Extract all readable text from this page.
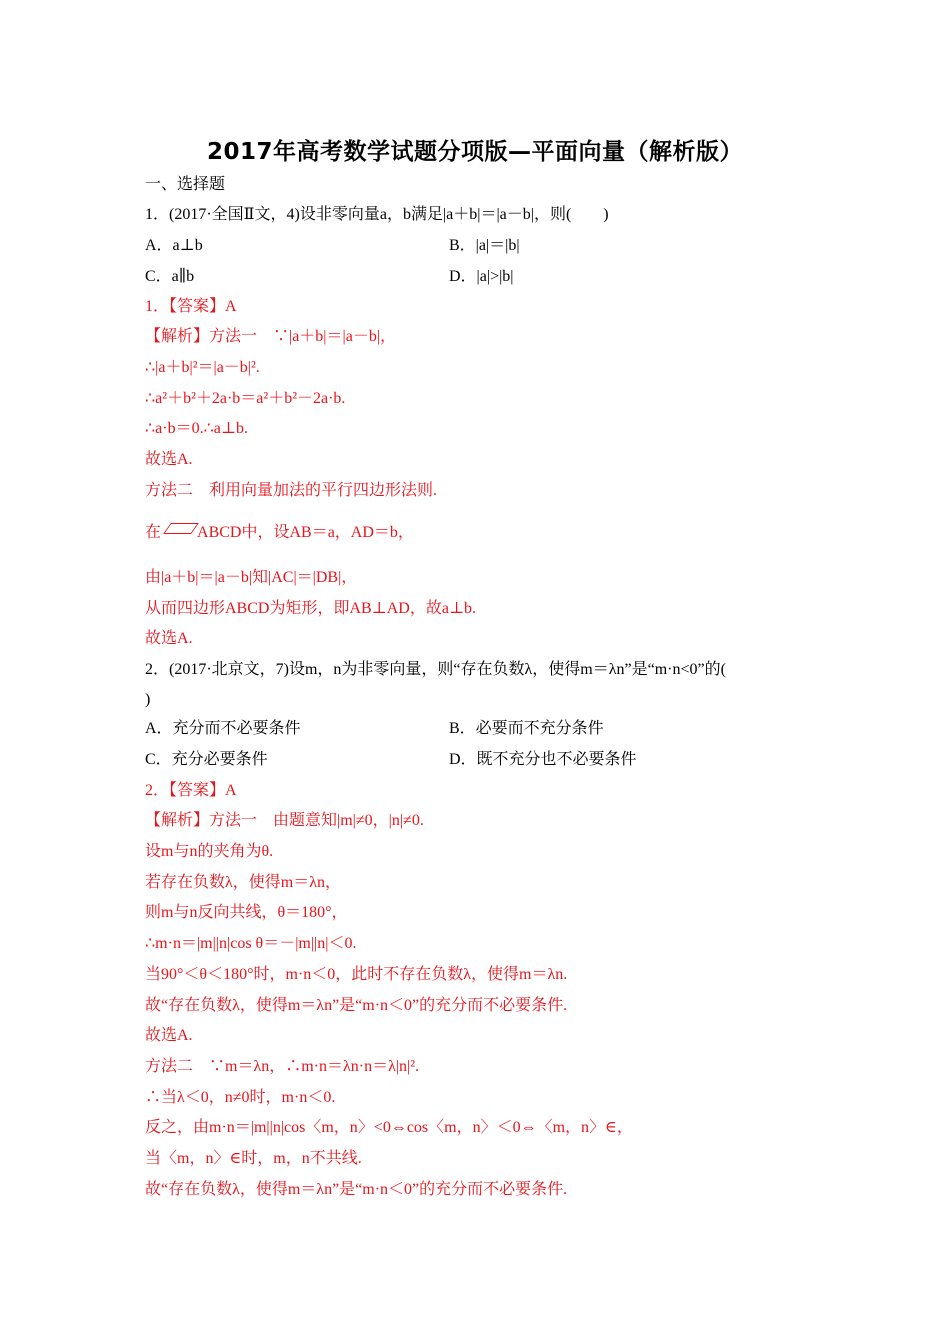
2017年高考数学试题分项版—平面向量（解析版）
一、选择题
1．(2017·全国Ⅱ文，4)设非零向量a，b满足|a＋b|＝|a－b|，则(　　)
A．a⊥b	B．|a|＝|b|
C．a∥b	D．|a|>|b|
1．【答案】A
【解析】方法一　∵|a＋b|＝|a－b|，
∴|a＋b|²＝|a－b|².
∴a²＋b²＋2a·b＝a²＋b²－2a·b.
∴a·b＝0.∴a⊥b.
故选A.
方法二　利用向量加法的平行四边形法则.
在 ABCD中，设AB＝a，AD＝b，
由|a＋b|＝|a－b|知|AC|＝|DB|，
从而四边形ABCD为矩形，即AB⊥AD，故a⊥b.
故选A.
2．(2017·北京文，7)设m，n为非零向量，则“存在负数λ，使得m＝λn”是“m·n<0”的(
)
A．充分而不必要条件	B．必要而不充分条件
C．充分必要条件	D．既不充分也不必要条件
2．【答案】A
【解析】方法一　由题意知|m|≠0，|n|≠0.
设m与n的夹角为θ.
若存在负数λ，使得m＝λn，
则m与n反向共线，θ＝180°，
∴m·n＝|m||n|cos θ＝－|m||n|＜0.
当90°＜θ＜180°时，m·n＜0，此时不存在负数λ，使得m＝λn.
故“存在负数λ，使得m＝λn”是“m·n＜0”的充分而不必要条件.
故选A.
方法二　∵m＝λn，∴m·n＝λn·n＝λ|n|².
∴当λ＜0，n≠0时，m·n＜0.
反之，由m·n＝|m||n|cos〈m，n〉<0⇔cos〈m，n〉＜0⇔〈m，n〉∈，
当〈m，n〉∈时，m，n不共线.
故“存在负数λ，使得m＝λn”是“m·n＜0”的充分而不必要条件.
